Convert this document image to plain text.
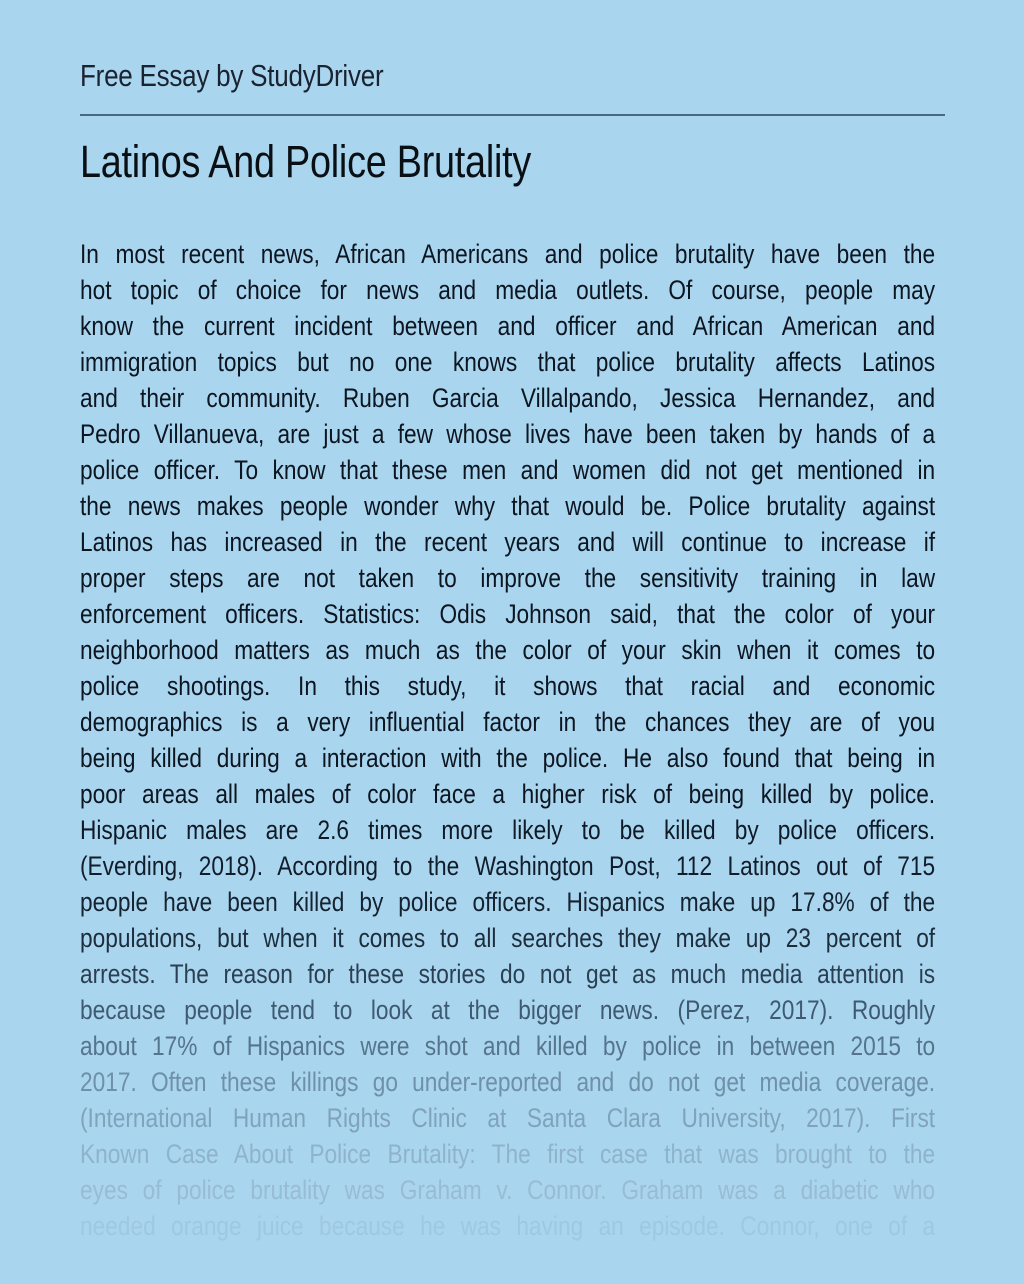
Free Essay by StudyDriver
Latinos And Police Brutality
In most recent news, African Americans and police brutality have been the
hot topic of choice for news and media outlets. Of course, people may
know the current incident between and officer and African American and
immigration topics but no one knows that police brutality affects Latinos
and their community. Ruben Garcia Villalpando, Jessica Hernandez, and
Pedro Villanueva, are just a few whose lives have been taken by hands of a
police officer. To know that these men and women did not get mentioned in
the news makes people wonder why that would be. Police brutality against
Latinos has increased in the recent years and will continue to increase if
proper steps are not taken to improve the sensitivity training in law
enforcement officers. Statistics: Odis Johnson said, that the color of your
neighborhood matters as much as the color of your skin when it comes to
police shootings. In this study, it shows that racial and economic
demographics is a very influential factor in the chances they are of you
being killed during a interaction with the police. He also found that being in
poor areas all males of color face a higher risk of being killed by police.
Hispanic males are 2.6 times more likely to be killed by police officers.
(Everding, 2018). According to the Washington Post, 112 Latinos out of 715
people have been killed by police officers. Hispanics make up 17.8% of the
populations, but when it comes to all searches they make up 23 percent of
arrests. The reason for these stories do not get as much media attention is
because people tend to look at the bigger news. (Perez, 2017). Roughly
about 17% of Hispanics were shot and killed by police in between 2015 to
2017. Often these killings go under-reported and do not get media coverage.
(International Human Rights Clinic at Santa Clara University, 2017). First
Known Case About Police Brutality: The first case that was brought to the
eyes of police brutality was Graham v. Connor. Graham was a diabetic who
needed orange juice because he was having an episode. Connor, one of a
